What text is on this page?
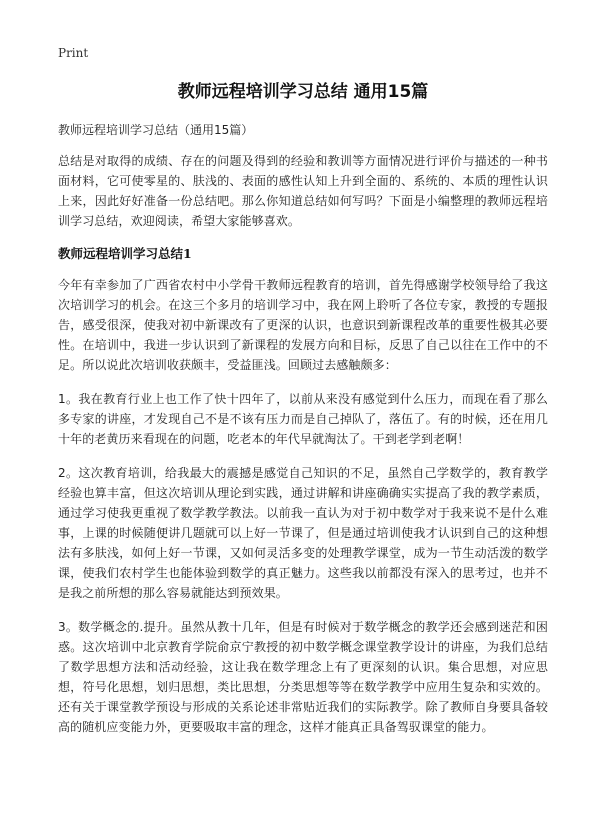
Print
教师远程培训学习总结 通用15篇
教师远程培训学习总结（通用15篇）

总结是对取得的成绩、存在的问题及得到的经验和教训等方面情况进行评价与描述的一种书面材料，它可使零星的、肤浅的、表面的感性认知上升到全面的、系统的、本质的理性认识上来，因此好好准备一份总结吧。那么你知道总结如何写吗？下面是小编整理的教师远程培训学习总结，欢迎阅读，希望大家能够喜欢。

教师远程培训学习总结1

今年有幸参加了广西省农村中小学骨干教师远程教育的培训，首先得感谢学校领导给了我这次培训学习的机会。在这三个多月的培训学习中，我在网上聆听了各位专家，教授的专题报告，感受很深，使我对初中新课改有了更深的认识，也意识到新课程改革的重要性极其必要性。在培训中，我进一步认识到了新课程的发展方向和目标，反思了自己以往在工作中的不足。所以说此次培训收获颇丰，受益匪浅。回顾过去感触颇多：

1。我在教育行业上也工作了快十四年了，以前从来没有感觉到什么压力，而现在看了那么多专家的讲座，才发现自己不是不该有压力而是自己掉队了，落伍了。有的时候，还在用几十年的老黄历来看现在的问题，吃老本的年代早就淘汰了。干到老学到老啊！

2。这次教育培训，给我最大的震撼是感觉自己知识的不足，虽然自己学数学的，教育教学经验也算丰富，但这次培训从理论到实践，通过讲解和讲座确确实实提高了我的教学素质，通过学习使我更重视了数学教学教法。以前我一直认为对于初中数学对于我来说不是什么难事，上课的时候随便讲几题就可以上好一节课了，但是通过培训使我才认识到自己的这种想法有多肤浅，如何上好一节课，又如何灵活多变的处理教学课堂，成为一节生动活泼的数学课，使我们农村学生也能体验到数学的真正魅力。这些我以前都没有深入的思考过，也并不是我之前所想的那么容易就能达到预效果。

3。数学概念的.提升。虽然从教十几年，但是有时候对于数学概念的教学还会感到迷茫和困惑。这次培训中北京教育学院俞京宁教授的初中数学概念课堂教学设计的讲座，为我们总结了数学思想方法和活动经验，这让我在数学理念上有了更深刻的认识。集合思想，对应思想，符号化思想，划归思想，类比思想，分类思想等等在数学教学中应用生复杂和实效的。还有关于课堂教学预设与形成的关系论述非常贴近我们的实际教学。除了教师自身要具备较高的随机应变能力外，更要吸取丰富的理念，这样才能真正具备驾驭课堂的能力。
